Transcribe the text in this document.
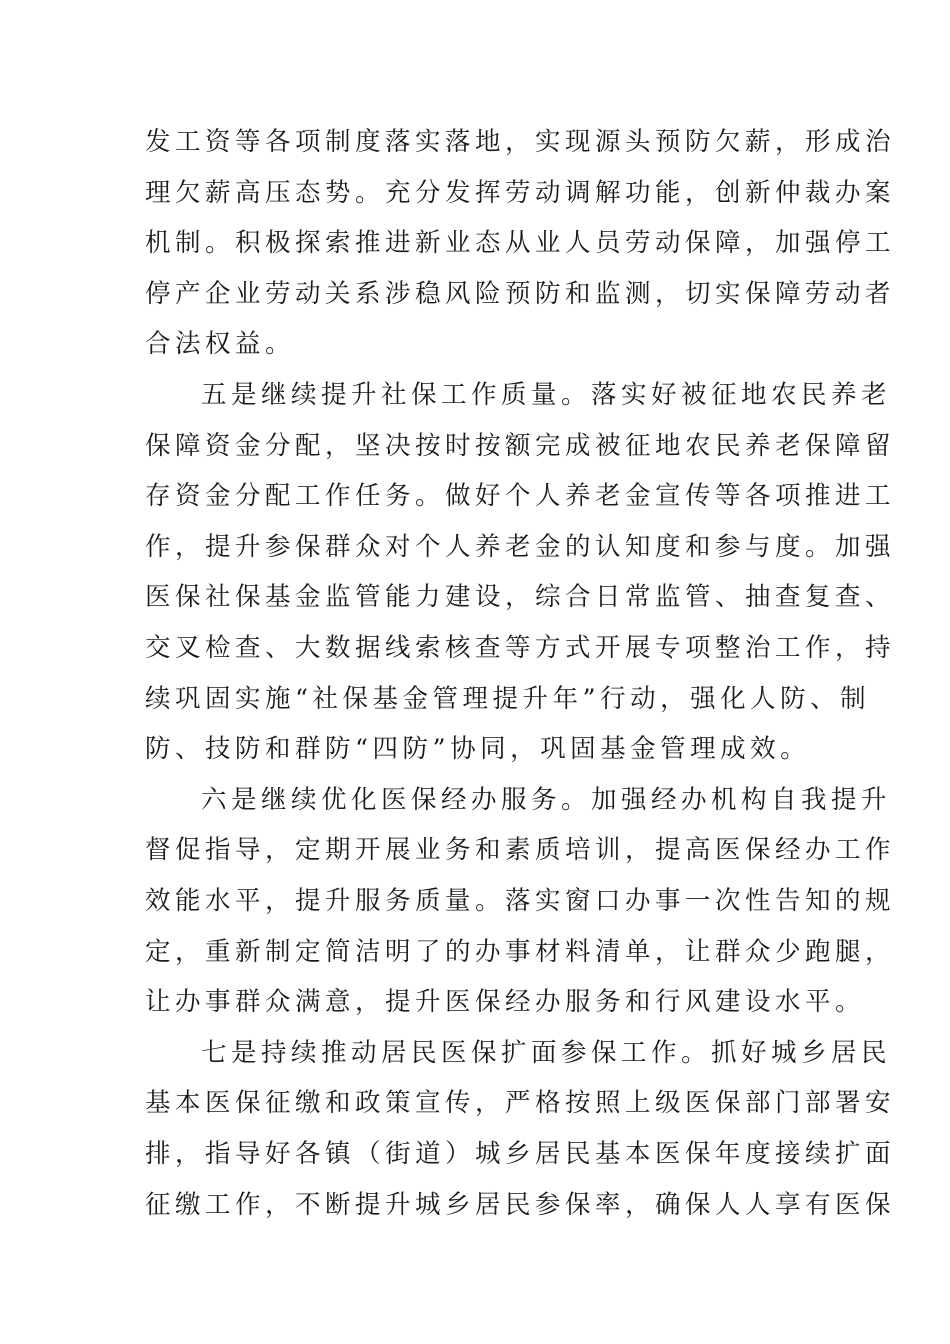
发工资等各项制度落实落地，实现源头预防欠薪，形成治
理欠薪高压态势。充分发挥劳动调解功能，创新仲裁办案
机制。积极探索推进新业态从业人员劳动保障，加强停工
停产企业劳动关系涉稳风险预防和监测，切实保障劳动者
合法权益。
五是继续提升社保工作质量。落实好被征地农民养老
保障资金分配，坚决按时按额完成被征地农民养老保障留
存资金分配工作任务。做好个人养老金宣传等各项推进工
作，提升参保群众对个人养老金的认知度和参与度。加强
医保社保基金监管能力建设，综合日常监管、抽查复查、
交叉检查、大数据线索核查等方式开展专项整治工作，持
续巩固实施“社保基金管理提升年”行动，强化人防、制
防、技防和群防“四防”协同，巩固基金管理成效。
六是继续优化医保经办服务。加强经办机构自我提升
督促指导，定期开展业务和素质培训，提高医保经办工作
效能水平，提升服务质量。落实窗口办事一次性告知的规
定，重新制定简洁明了的办事材料清单，让群众少跑腿，
让办事群众满意，提升医保经办服务和行风建设水平。
七是持续推动居民医保扩面参保工作。抓好城乡居民
基本医保征缴和政策宣传，严格按照上级医保部门部署安
排，指导好各镇（街道）城乡居民基本医保年度接续扩面
征缴工作，不断提升城乡居民参保率，确保人人享有医保
